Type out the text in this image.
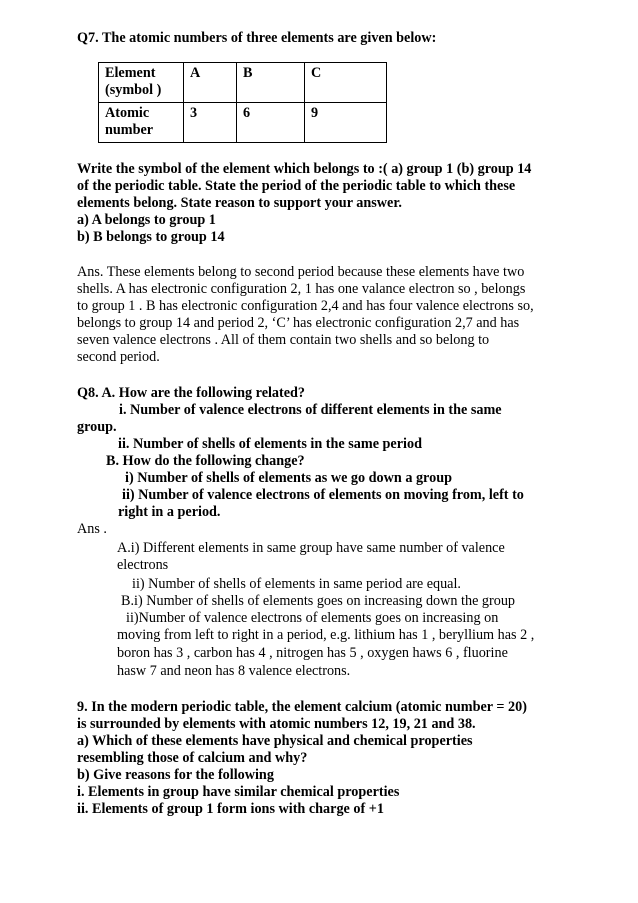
Q7. The atomic numbers of three elements are given below:
Element
(symbol )	A	B	C

Atomic
number	3	6	9
Write the symbol of the element which belongs to :( a) group 1 (b) group 14
of the periodic table. State the period of the periodic table to which these
elements belong. State reason to support your answer.
a) A belongs to group 1
b) B belongs to group 14
Ans. These elements belong to second period because these elements have two
shells. A has electronic configuration 2, 1 has one valance electron so , belongs
to group 1 . B has electronic configuration 2,4 and has four valence electrons so,
belongs to group 14 and period 2, ‘C’ has electronic configuration 2,7 and has
seven valence electrons . All of them contain two shells and so belong to
second period.
Q8. A. How are the following related?
i. Number of valence electrons of different elements in the same
group.
ii. Number of shells of elements in the same period
B. How do the following change?
i) Number of shells of elements as we go down a group
ii) Number of valence electrons of elements on moving from, left to
right in a period.
Ans .
A.i) Different elements in same group have same number of valence
electrons
ii) Number of shells of elements in same period are equal.
B.i) Number of shells of elements goes on increasing down the group
ii)Number of valence electrons of elements goes on increasing on
moving from left to right in a period, e.g. lithium has 1 , beryllium has 2 ,
boron has 3 , carbon has 4 , nitrogen has 5 , oxygen haws 6 , fluorine
hasw 7 and neon has 8 valence electrons.
9. In the modern periodic table, the element calcium (atomic number = 20)
is surrounded by elements with atomic numbers 12, 19, 21 and 38.
a) Which of these elements have physical and chemical properties
resembling those of calcium and why?
b) Give reasons for the following
i. Elements in group have similar chemical properties
ii. Elements of group 1 form ions with charge of +1
